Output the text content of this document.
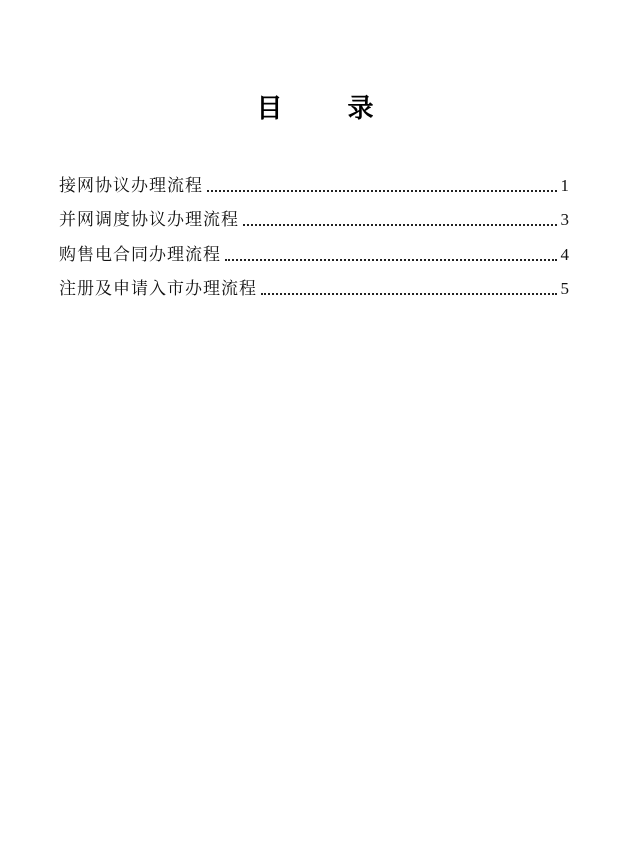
目 录
接网协议办理流程	1
并网调度协议办理流程	3
购售电合同办理流程	4
注册及申请入市办理流程	5
